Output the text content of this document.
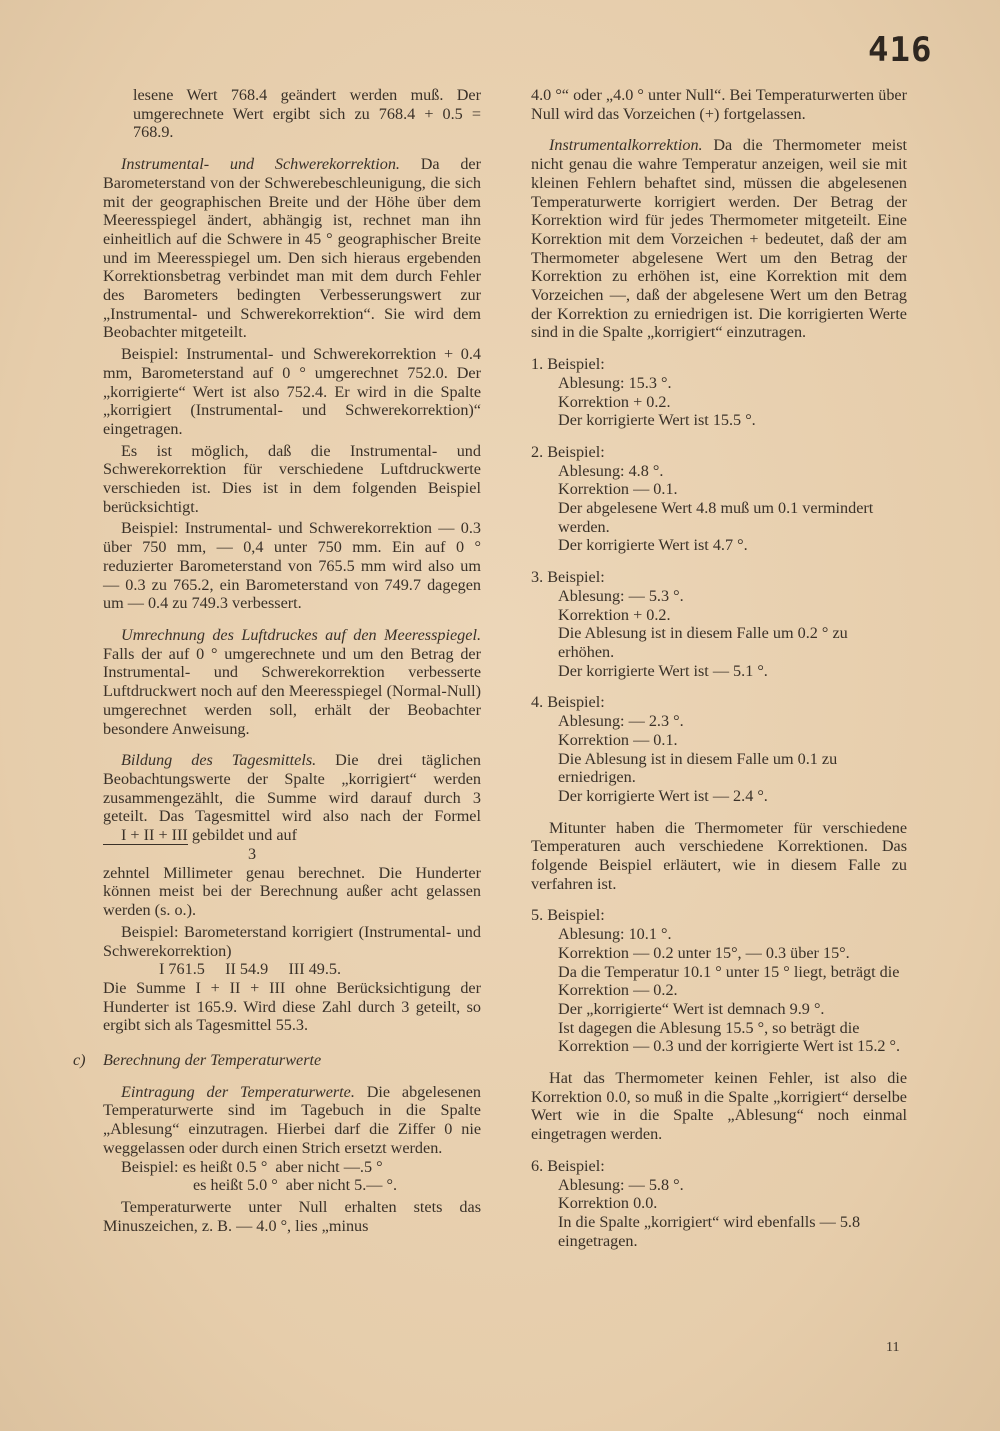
416

lesene Wert 768.4 geändert werden muß. Der umgerechnete Wert ergibt sich zu 768.4 + 0.5 = 768.9.

Instrumental- und Schwerekorrektion. Da der Barometerstand von der Schwerebeschleunigung, die sich mit der geographischen Breite und der Höhe über dem Meeresspiegel ändert, abhängig ist, rechnet man ihn einheitlich auf die Schwere in 45 ° geographischer Breite und im Meeresspiegel um. Den sich hieraus ergebenden Korrektionsbetrag verbindet man mit dem durch Fehler des Barometers bedingten Verbesserungswert zur „Instrumental- und Schwerekorrektion“. Sie wird dem Beobachter mitgeteilt.

Beispiel: Instrumental- und Schwerekorrektion + 0.4 mm, Barometerstand auf 0 ° umgerechnet 752.0. Der „korrigierte“ Wert ist also 752.4. Er wird in die Spalte „korrigiert (Instrumental- und Schwerekorrektion)“ eingetragen.

Es ist möglich, daß die Instrumental- und Schwerekorrektion für verschiedene Luftdruckwerte verschieden ist. Dies ist in dem folgenden Beispiel berücksichtigt.

Beispiel: Instrumental- und Schwerekorrektion — 0.3 über 750 mm, — 0,4 unter 750 mm. Ein auf 0 ° reduzierter Barometerstand von 765.5 mm wird also um — 0.3 zu 765.2, ein Barometerstand von 749.7 dagegen um — 0.4 zu 749.3 verbessert.

Umrechnung des Luftdruckes auf den Meeresspiegel. Falls der auf 0 ° umgerechnete und um den Betrag der Instrumental- und Schwerekorrektion verbesserte Luftdruckwert noch auf den Meeresspiegel (Normal-Null) umgerechnet werden soll, erhält der Beobachter besondere Anweisung.

Bildung des Tagesmittels. Die drei täglichen Beobachtungswerte der Spalte „korrigiert“ werden zusammengezählt, die Summe wird darauf durch 3 geteilt. Das Tagesmittel wird also nach der Formel I + II + III gebildet und auf

3

zehntel Millimeter genau berechnet. Die Hunderter können meist bei der Berechnung außer acht gelassen werden (s. o.).

Beispiel: Barometerstand korrigiert (Instrumental- und Schwerekorrektion)

I 761.5     II 54.9     III 49.5.

Die Summe I + II + III ohne Berücksichtigung der Hunderter ist 165.9. Wird diese Zahl durch 3 geteilt, so ergibt sich als Tagesmittel 55.3.

c) Berechnung der Temperaturwerte

Eintragung der Temperaturwerte. Die abgelesenen Temperaturwerte sind im Tagebuch in die Spalte „Ablesung“ einzutragen. Hierbei darf die Ziffer 0 nie weggelassen oder durch einen Strich ersetzt werden.

Beispiel: es heißt 0.5 °  aber nicht —.5 °

es heißt 5.0 °  aber nicht 5.— °.

Temperaturwerte unter Null erhalten stets das Minuszeichen, z. B. — 4.0 °, lies „minus

4.0 °“ oder „4.0 ° unter Null“. Bei Temperaturwerten über Null wird das Vorzeichen (+) fortgelassen.

Instrumentalkorrektion. Da die Thermometer meist nicht genau die wahre Temperatur anzeigen, weil sie mit kleinen Fehlern behaftet sind, müssen die abgelesenen Temperaturwerte korrigiert werden. Der Betrag der Korrektion wird für jedes Thermometer mitgeteilt. Eine Korrektion mit dem Vorzeichen + bedeutet, daß der am Thermometer abgelesene Wert um den Betrag der Korrektion zu erhöhen ist, eine Korrektion mit dem Vorzeichen —, daß der abgelesene Wert um den Betrag der Korrektion zu erniedrigen ist. Die korrigierten Werte sind in die Spalte „korrigiert“ einzutragen.

1. Beispiel:

Ablesung: 15.3 °.

Korrektion + 0.2.

Der korrigierte Wert ist 15.5 °.

2. Beispiel:

Ablesung: 4.8 °.

Korrektion — 0.1.

Der abgelesene Wert 4.8 muß um 0.1 vermindert werden.

Der korrigierte Wert ist 4.7 °.

3. Beispiel:

Ablesung: — 5.3 °.

Korrektion + 0.2.

Die Ablesung ist in diesem Falle um 0.2 ° zu erhöhen.

Der korrigierte Wert ist — 5.1 °.

4. Beispiel:

Ablesung: — 2.3 °.

Korrektion — 0.1.

Die Ablesung ist in diesem Falle um 0.1 zu erniedrigen.

Der korrigierte Wert ist — 2.4 °.

Mitunter haben die Thermometer für verschiedene Temperaturen auch verschiedene Korrektionen. Das folgende Beispiel erläutert, wie in diesem Falle zu verfahren ist.

5. Beispiel:

Ablesung: 10.1 °.

Korrektion — 0.2 unter 15°, — 0.3 über 15°.

Da die Temperatur 10.1 ° unter 15 ° liegt, beträgt die Korrektion — 0.2.

Der „korrigierte“ Wert ist demnach 9.9 °.

Ist dagegen die Ablesung 15.5 °, so beträgt die Korrektion — 0.3 und der korrigierte Wert ist 15.2 °.

Hat das Thermometer keinen Fehler, ist also die Korrektion 0.0, so muß in die Spalte „korrigiert“ derselbe Wert wie in die Spalte „Ablesung“ noch einmal eingetragen werden.

6. Beispiel:

Ablesung: — 5.8 °.

Korrektion 0.0.

In die Spalte „korrigiert“ wird ebenfalls — 5.8 eingetragen.

11
